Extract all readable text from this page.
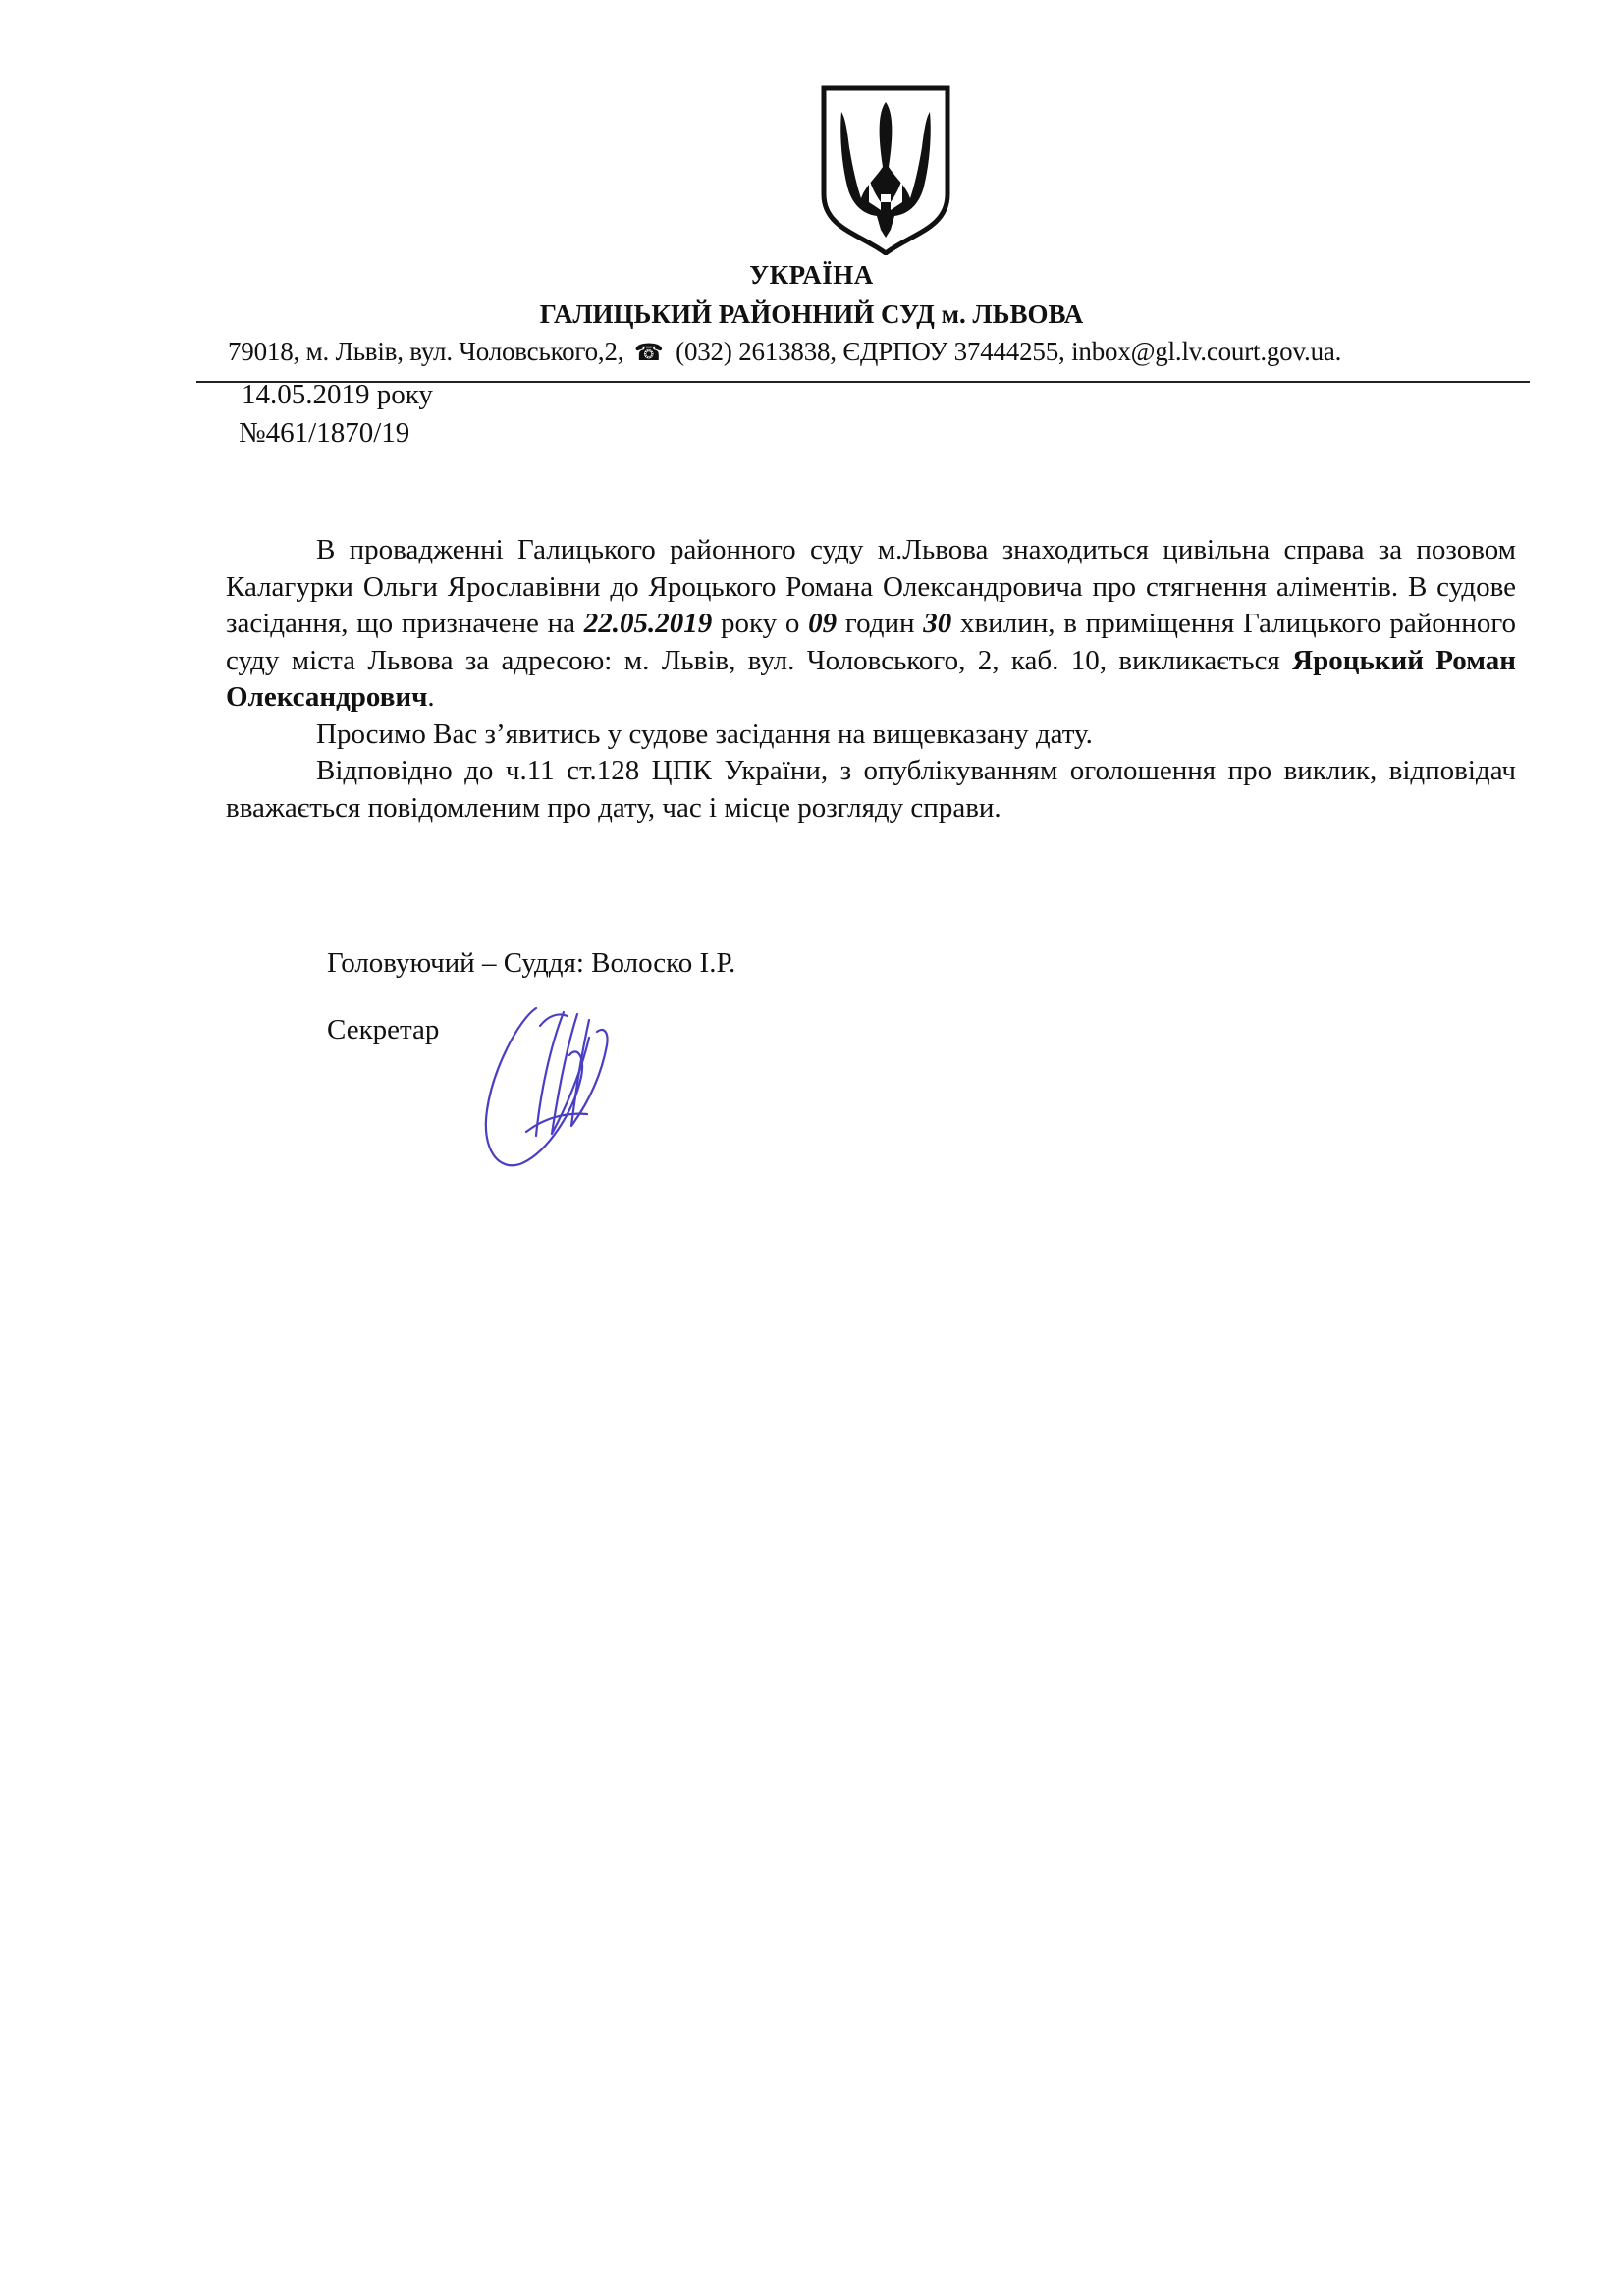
УКРАЇНА
ГАЛИЦЬКИЙ РАЙОННИЙ СУД м. ЛЬВОВА
79018, м. Львів, вул. Чоловського,2, ☎ (032) 2613838, ЄДРПОУ 37444255, inbox@gl.lv.court.gov.ua.
14.05.2019 року
№461/1870/19

В провадженні Галицького районного суду м.Львова знаходиться цивільна справа за позовом Калагурки Ольги Ярославівни до Яроцького Романа Олександровича про стягнення аліментів. В судове засідання, що призначене на 22.05.2019 року о 09 годин 30 хвилин, в приміщення Галицького районного суду міста Львова за адресою: м. Львів, вул. Чоловського, 2, каб. 10, викликається Яроцький Роман Олександрович.

Просимо Вас з’явитись у судове засідання на вищевказану дату.

Відповідно до ч.11 ст.128 ЦПК України, з опублікуванням оголошення про виклик, відповідач вважається повідомленим про дату, час і місце розгляду справи.

Головуючий – Суддя: Волоско І.Р.
Секретар
